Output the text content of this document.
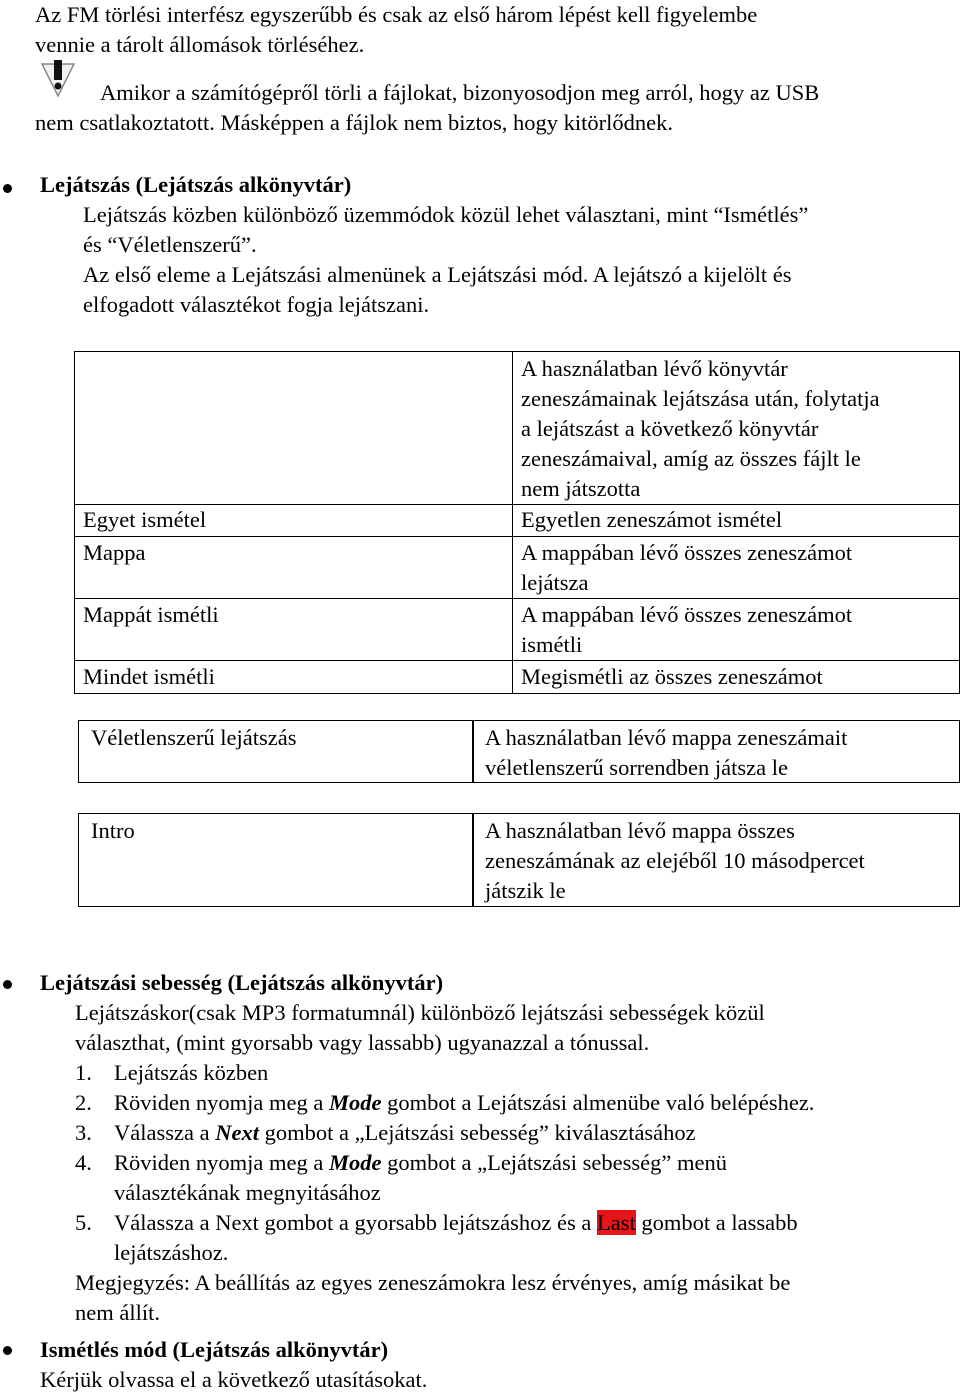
Az FM törlési interfész egyszerűbb és csak az első három lépést kell figyelembe
vennie a tárolt állomások törléséhez.
Amikor a számítógépről törli a fájlokat, bizonyosodjon meg arról, hogy az USB
nem csatlakoztatott. Másképpen a fájlok nem biztos, hogy kitörlődnek.
Lejátszás (Lejátszás alkönyvtár)
Lejátszás közben különböző üzemmódok közül lehet választani, mint “Ismétlés”
és “Véletlenszerű”.
Az első eleme a Lejátszási almenünek a Lejátszási mód. A lejátszó a kijelölt és
elfogadott választékot fogja lejátszani.

	A használatban lévő könyvtár
zeneszámainak lejátszása után, folytatja
a lejátszást a következő könyvtár
zeneszámaival, amíg az összes fájlt le
nem játszotta

Egyet ismétel	Egyetlen zeneszámot ismétel

Mappa	A mappában lévő összes zeneszámot
lejátsza

Mappát ismétli	A mappában lévő összes zeneszámot
ismétli

Mindet ismétli	Megismétli az összes zeneszámot
Véletlenszerű lejátszás	A használatban lévő mappa zeneszámait
véletlenszerű sorrendben játsza le
Intro	A használatban lévő mappa összes
zeneszámának az elejéből 10 másodpercet
játszik le
Lejátszási sebesség (Lejátszás alkönyvtár)
Lejátszáskor(csak MP3 formatumnál) különböző lejátszási sebességek közül
választhat, (mint gyorsabb vagy lassabb) ugyanazzal a tónussal.
1. Lejátszás közben
2. Röviden nyomja meg a Mode gombot a Lejátszási almenübe való belépéshez.
3. Válassza a Next gombot a „Lejátszási sebesség” kiválasztásához
4. Röviden nyomja meg a Mode gombot a „Lejátszási sebesség” menü
választékának megnyitásához
5. Válassza a Next gombot a gyorsabb lejátszáshoz és a Last gombot a lassabb
lejátszáshoz.
Megjegyzés: A beállítás az egyes zeneszámokra lesz érvényes, amíg másikat be
nem állít.
Ismétlés mód (Lejátszás alkönyvtár)
Kérjük olvassa el a következő utasításokat.
